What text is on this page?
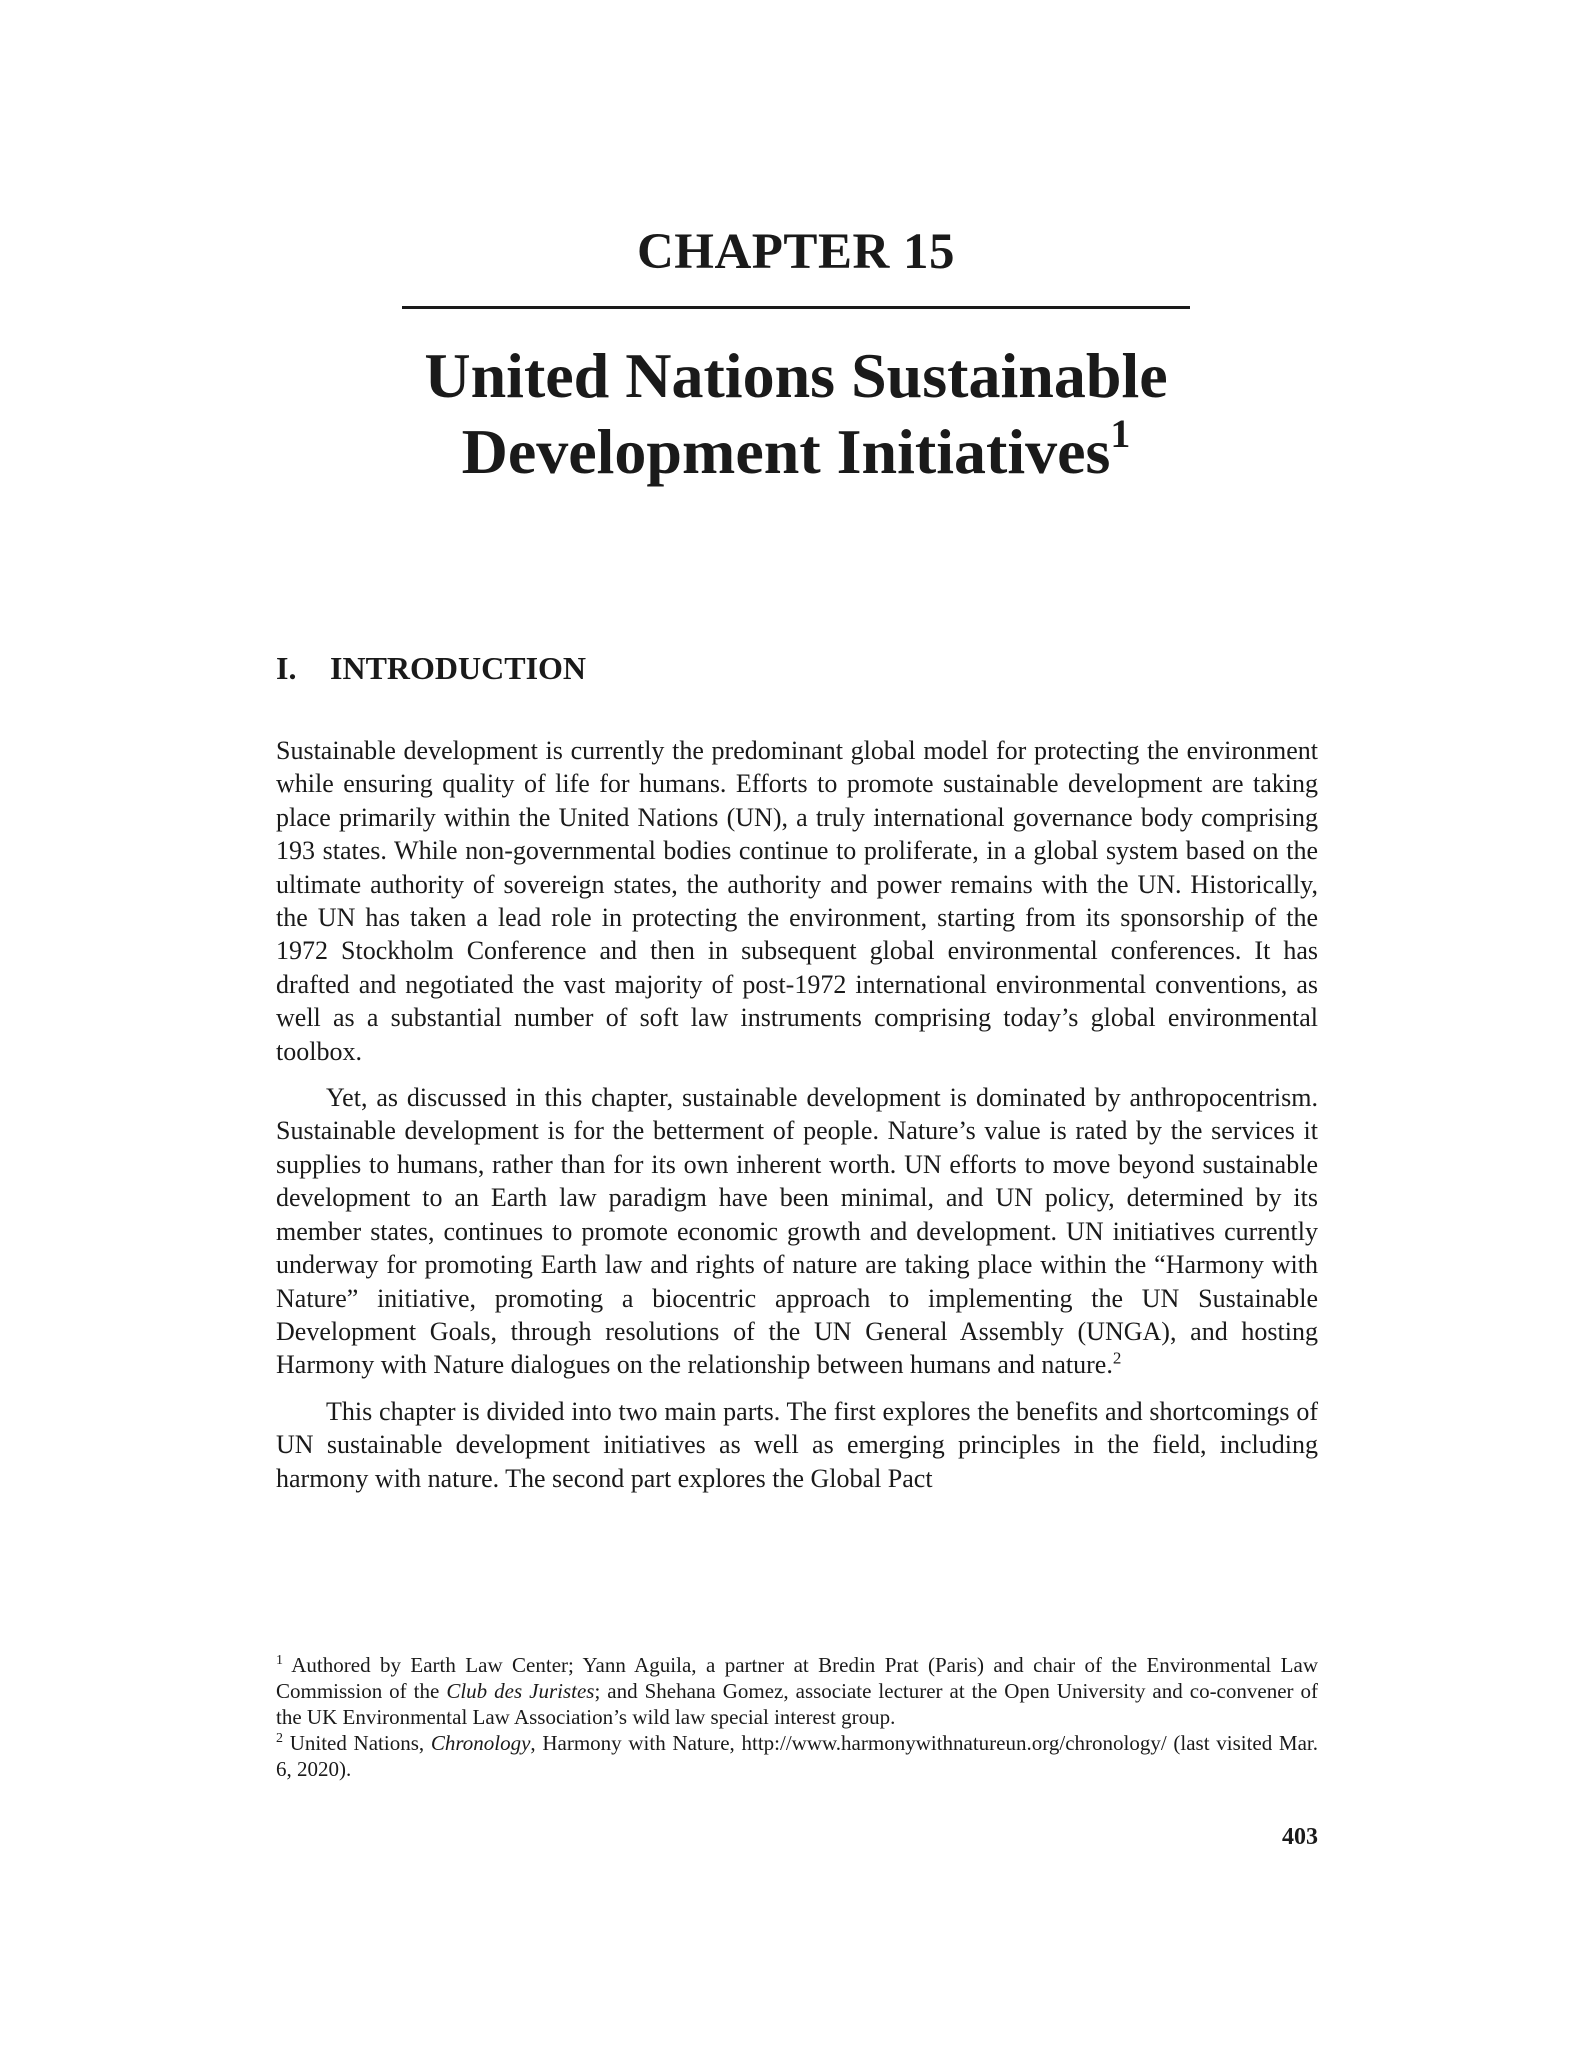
CHAPTER 15
United Nations Sustainable
Development Initiatives$^1$
I. INTRODUCTION

Sustainable development is currently the predominant global model for protecting the environment while ensuring quality of life for humans. Efforts to promote sustainable development are taking place primarily within the United Nations (UN), a truly international governance body comprising 193 states. While non-governmental bodies continue to proliferate, in a global system based on the ultimate authority of sovereign states, the authority and power remains with the UN. Historically, the UN has taken a lead role in protecting the environment, starting from its sponsorship of the 1972 Stockholm Conference and then in subsequent global environmental conferences. It has drafted and negotiated the vast majority of post-1972 international environmental conventions, as well as a substantial number of soft law instruments comprising today’s global environmental toolbox.

Yet, as discussed in this chapter, sustainable development is dominated by anthropocentrism. Sustainable development is for the betterment of people. Nature’s value is rated by the services it supplies to humans, rather than for its own inherent worth. UN efforts to move beyond sustainable development to an Earth law paradigm have been minimal, and UN policy, determined by its member states, continues to promote economic growth and development. UN initiatives currently underway for promoting Earth law and rights of nature are taking place within the “Harmony with Nature” initiative, promoting a biocentric approach to implementing the UN Sustainable Development Goals, through resolutions of the UN General Assembly (UNGA), and hosting Harmony with Nature dialogues on the relationship between humans and nature.$^2$

This chapter is divided into two main parts. The first explores the benefits and shortcomings of UN sustainable development initiatives as well as emerging principles in the field, including harmony with nature. The second part explores the Global Pact

$^1$ Authored by Earth Law Center; Yann Aguila, a partner at Bredin Prat (Paris) and chair of the Environmental Law Commission of the Club des Juristes; and Shehana Gomez, associate lecturer at the Open University and co-convener of the UK Environmental Law Association’s wild law special interest group.

$^2$ United Nations, Chronology, Harmony with Nature, http://www.harmonywithnatureun.org/chronology/ (last visited Mar. 6, 2020).

403
